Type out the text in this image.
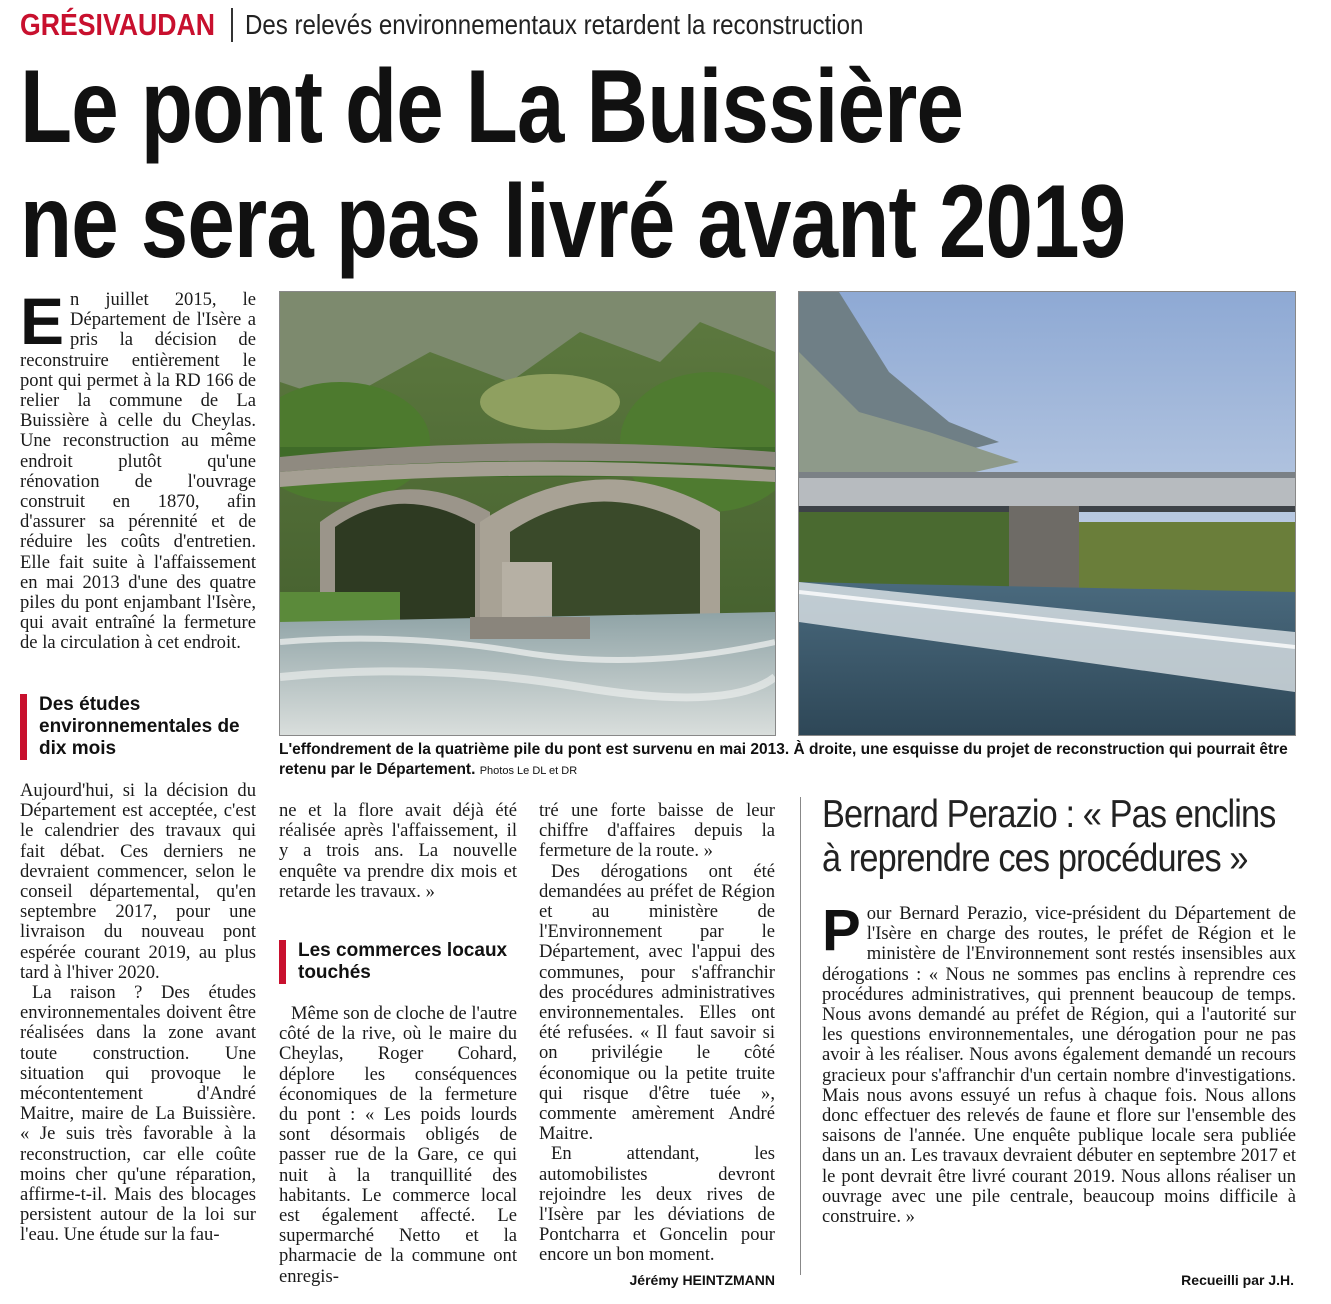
GRÉSIVAUDAN Des relevés environnementaux retardent la reconstruction
Le pont de La Buissière
ne sera pas livré avant 2019
E n juillet 2015, le Département de l'Isère a pris la décision de reconstruire entièrement le pont qui permet à la RD 166 de relier la commune de La Buissière à celle du Cheylas. Une reconstruction au même endroit plutôt qu'une rénovation de l'ouvrage construit en 1870, afin d'assurer sa pérennité et de réduire les coûts d'entretien. Elle fait suite à l'affaissement en mai 2013 d'une des quatre piles du pont enjambant l'Isère, qui avait entraîné la fermeture de la circulation à cet endroit.
Des études environnementales de dix mois

Aujourd'hui, si la décision du Département est acceptée, c'est le calendrier des travaux qui fait débat. Ces derniers ne devraient commencer, selon le conseil départemental, qu'en septembre 2017, pour une livraison du nouveau pont espérée courant 2019, au plus tard à l'hiver 2020.

La raison ? Des études environnementales doivent être réalisées dans la zone avant toute construction. Une situation qui provoque le mécontentement d'André Maitre, maire de La Buissière. « Je suis très favorable à la reconstruction, car elle coûte moins cher qu'une réparation, affirme-t-il. Mais des blocages persistent autour de la loi sur l'eau. Une étude sur la fau-

L'effondrement de la quatrième pile du pont est survenu en mai 2013. À droite, une esquisse du projet de reconstruction qui pourrait être retenu par le Département. Photos Le DL et DR

ne et la flore avait déjà été réalisée après l'affaissement, il y a trois ans. La nouvelle enquête va prendre dix mois et retarde les travaux. »

Les commerces locaux touchés

Même son de cloche de l'autre côté de la rive, où le maire du Cheylas, Roger Cohard, déplore les conséquences économiques de la fermeture du pont : « Les poids lourds sont désormais obligés de passer rue de la Gare, ce qui nuit à la tranquillité des habitants. Le commerce local est également affecté. Le supermarché Netto et la pharmacie de la commune ont enregis-

tré une forte baisse de leur chiffre d'affaires depuis la fermeture de la route. »

Des dérogations ont été demandées au préfet de Région et au ministère de l'Environnement par le Département, avec l'appui des communes, pour s'affranchir des procédures administratives environnementales. Elles ont été refusées. « Il faut savoir si on privilégie le côté économique ou la petite truite qui risque d'être tuée », commente amèrement André Maitre.

En attendant, les automobilistes devront rejoindre les deux rives de l'Isère par les déviations de Pontcharra et Goncelin pour encore un bon moment.

Jérémy HEINTZMANN
Bernard Perazio : « Pas enclins
à reprendre ces procédures »
P our Bernard Perazio, vice-président du Département de l'Isère en charge des routes, le préfet de Région et le ministère de l'Environnement sont restés insensibles aux dérogations : « Nous ne sommes pas enclins à reprendre ces procédures administratives, qui prennent beaucoup de temps. Nous avons demandé au préfet de Région, qui a l'autorité sur les questions environnementales, une dérogation pour ne pas avoir à les réaliser. Nous avons également demandé un recours gracieux pour s'affranchir d'un certain nombre d'investigations. Mais nous avons essuyé un refus à chaque fois. Nous allons donc effectuer des relevés de faune et flore sur l'ensemble des saisons de l'année. Une enquête publique locale sera publiée dans un an. Les travaux devraient débuter en septembre 2017 et le pont devrait être livré courant 2019. Nous allons réaliser un ouvrage avec une pile centrale, beaucoup moins difficile à construire. »
Recueilli par J.H.
